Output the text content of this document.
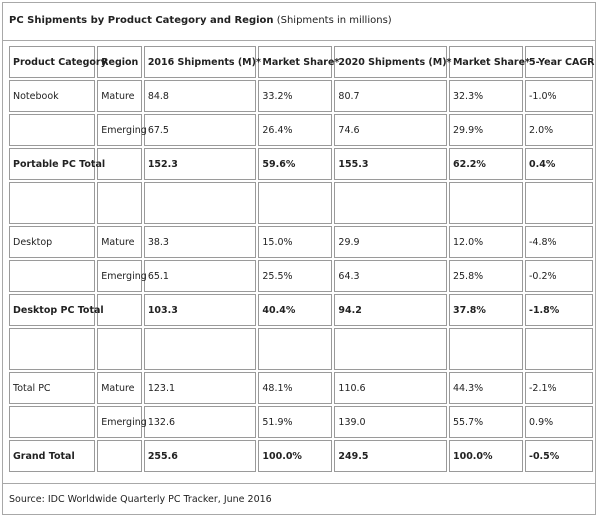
PC Shipments by Product Category and Region (Shipments in millions)
Product Category	Region	2016 Shipments (M)*	Market Share*	2020 Shipments (M)*	Market Share*	5-Year CAGR
Notebook	Mature	84.8	33.2%	80.7	32.3%	-1.0%
	Emerging	67.5	26.4%	74.6	29.9%	2.0%
Portable PC Total		152.3	59.6%	155.3	62.2%	0.4%

Desktop	Mature	38.3	15.0%	29.9	12.0%	-4.8%
	Emerging	65.1	25.5%	64.3	25.8%	-0.2%
Desktop PC Total		103.3	40.4%	94.2	37.8%	-1.8%

Total PC	Mature	123.1	48.1%	110.6	44.3%	-2.1%
	Emerging	132.6	51.9%	139.0	55.7%	0.9%
Grand Total		255.6	100.0%	249.5	100.0%	-0.5%
Source: IDC Worldwide Quarterly PC Tracker, June 2016
